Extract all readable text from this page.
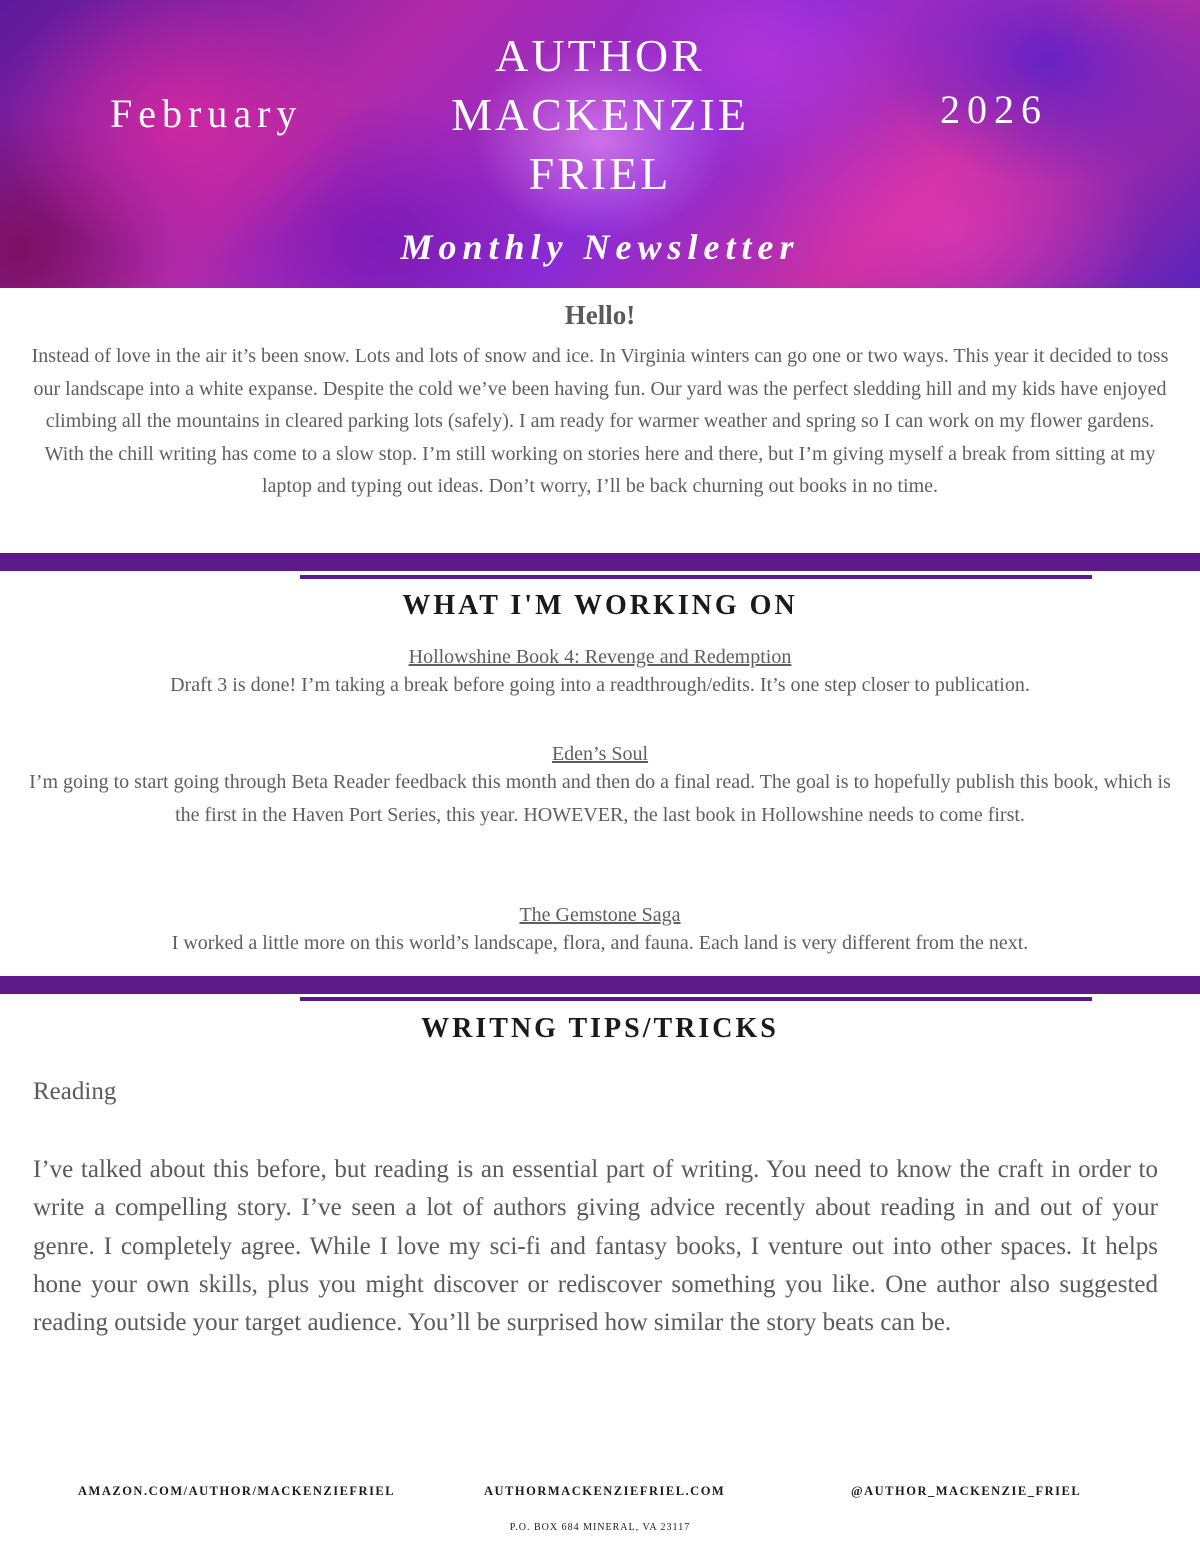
February
AUTHOR
MACKENZIE
FRIEL
2026
Monthly Newsletter
Hello!
Instead of love in the air it’s been snow. Lots and lots of snow and ice. In Virginia winters can go one or two ways. This year it decided to toss our landscape into a white expanse. Despite the cold we’ve been having fun. Our yard was the perfect sledding hill and my kids have enjoyed climbing all the mountains in cleared parking lots (safely). I am ready for warmer weather and spring so I can work on my flower gardens.
With the chill writing has come to a slow stop. I’m still working on stories here and there, but I’m giving myself a break from sitting at my laptop and typing out ideas. Don’t worry, I’ll be back churning out books in no time.
WHAT I'M WORKING ON
Hollowshine Book 4: Revenge and Redemption
Draft 3 is done! I’m taking a break before going into a readthrough/edits. It’s one step closer to publication.
Eden’s Soul
I’m going to start going through Beta Reader feedback this month and then do a final read. The goal is to hopefully publish this book, which is the first in the Haven Port Series, this year. HOWEVER, the last book in Hollowshine needs to come first.
The Gemstone Saga
I worked a little more on this world’s landscape, flora, and fauna. Each land is very different from the next.
WRITNG TIPS/TRICKS
Reading
I’ve talked about this before, but reading is an essential part of writing. You need to know the craft in order to write a compelling story. I’ve seen a lot of authors giving advice recently about reading in and out of your genre. I completely agree. While I love my sci-fi and fantasy books, I venture out into other spaces. It helps hone your own skills, plus you might discover or rediscover something you like. One author also suggested reading outside your target audience. You’ll be surprised how similar the story beats can be.
AMAZON.COM/AUTHOR/MACKENZIEFRIEL	AUTHORMACKENZIEFRIEL.COM	@AUTHOR_MACKENZIE_FRIEL
P.O. BOX 684 MINERAL, VA 23117
